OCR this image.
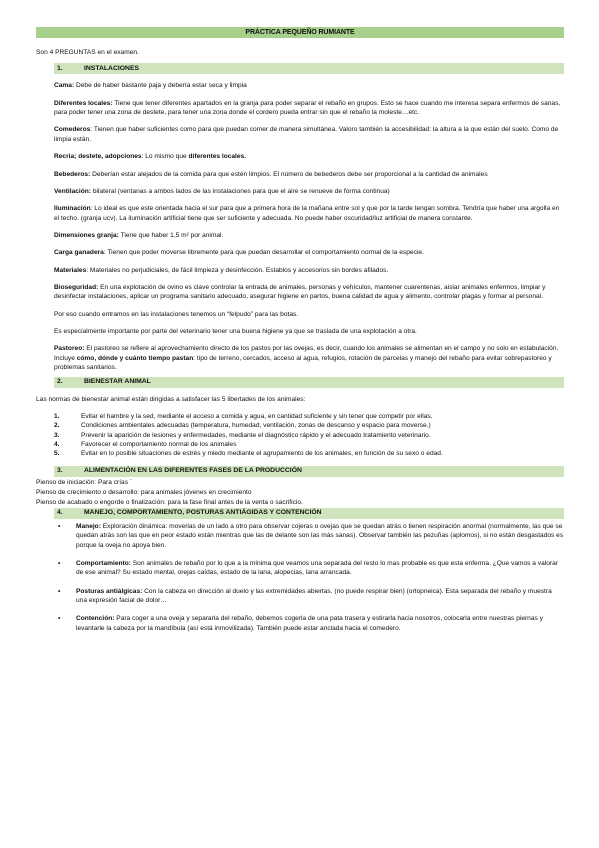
PRÁCTICA PEQUEÑO RUMIANTE

Son 4 PREGUNTAS en el examen.

1.	INSTALACIONES

Cama: Debe de haber bastante paja y debería estar seca y limpia

Diferentes locales: Tiene que tener diferentes apartados en la granja para poder separar el rebaño en grupos. Esto se hace cuando me interesa separa enfermos de sanas, para poder tener una zona de destete, para tener una zona donde el cordero pueda entrar sin que el rebaño la moleste…etc.

Comederos: Tienen que haber suficientes como para que puedan comer de manera simultánea. Valoro también la accesibilidad: la altura a la que están del suelo. Como de limpia están.

Recría; destete, adopciones: Lo mismo que diferentes locales.

Bebederos: Deberían estar alejados de la comida para que estén limpios. El número de bebederos debe ser proporcional a la cantidad de animales

Ventilación: bilateral (ventanas a ambos lados de las instalaciones para que el aire se renueve de forma continua)

Iluminación: Lo ideal es que este orientada hacia el sur para que a primera hora de la mañana entre sol y que por la tarde tengan sombra. Tendría que haber una argolla en el techo. (granja ucv). La iluminación artificial tiene que ser suficiente y adecuada. No puede haber oscuridad/luz artificial de manera constante.

Dimensiones granja: Tiene que haber 1,5 m² por animal.

Carga ganadera: Tienen que poder moverse libremente para que puedan desarrollar el comportamiento normal de la especie.

Materiales: Materiales no perjudiciales, de fácil limpieza y desinfección. Establos y accesorios sin bordes afilados.

Bioseguridad: En una explotación de ovino es clave controlar la entrada de animales, personas y vehículos, mantener cuarentenas, aislar animales enfermos, limpiar y desinfectar instalaciones, aplicar un programa sanitario adecuado, asegurar higiene en partos, buena calidad de agua y alimento, controlar plagas y formar al personal.

Por eso cuando entramos en las instalaciones tenemos un “felpudo” para las botas.

Es especialmente importante por parte del veterinario tener una buena higiene ya que se traslada de una explotación a otra.

Pastoreo: El pastoreo se refiere al aprovechamiento directo de los pastos por las ovejas, es decir, cuando los animales se alimentan en el campo y no solo en estabulación. Incluye cómo, dónde y cuánto tiempo pastan: tipo de terreno, cercados, acceso al agua, refugios, rotación de parcelas y manejo del rebaño para evitar sobrepastoreo y problemas sanitarios.

2.	BIENESTAR ANIMAL

Las normas de bienestar animal están dirigidas a satisfacer las 5 libertades de los animales:

1.	Evitar el hambre y la sed, mediante el acceso a comida y agua, en cantidad suficiente y sin tener que competir por ellas.
2.	Condiciones ambientales adecuadas (temperatura, humedad, ventilación, zonas de descanso y espacio para moverse.)
3.	Prevenir la aparición de lesiones y enfermedades, mediante el diagnóstico rápido y el adecuado tratamiento veterinario.
4.	Favorecer el comportamiento normal de los animales
5.	Evitar en lo posible situaciones de estrés y miedo mediante el agrupamiento de los animales, en función de su sexo o edad.
3.	ALIMENTACIÓN EN LAS DIFERENTES FASES DE LA PRODUCCIÓN

Pienso de iniciación: Para crías `

Pienso de crecimiento o desarrollo: para animales jóvenes en crecimiento

Pienso de acabado o engorde o finalización: para la fase final antes de la venta o sacrificio.

4.	MANEJO, COMPORTAMIENTO, POSTURAS ANTIÁGIDAS Y CONTENCIÓN
• Manejo: Exploración dinámica: moverlas de un lado a otro para observar cojeras o ovejas que se quedan atrás o tienen respiración anormal (normalmente, las que se quedan atrás son las que en peor estado están mientras que las de delante son las más sanas). Observar también las pezuñas (aplomos), si no están desgastados es porque la oveja no apoya bien.
• Comportamiento: Son animales de rebaño por lo que a la mínima que veamos una separada del resto lo mas probable es que esta enferma. ¿Que vamos a valorar de ese animal? Su estado mental, orejas caídas, estado de la lana, alopecias, lana arrancada.
• Posturas antiálgicas: Con la cabeza en dirección al duelo y las extremidades abiertas. (no puede respirar bien) (ortopneica). Esta separada del rebaño y muestra una expresión facial de dolor…
• Contención: Para coger a una oveja y separarla del rebaño, debemos cogerla de una pata trasera y estirarla hacia nosotros, colocarla entre nuestras piernas y levantarle la cabeza por la mandíbula (así está inmovilizada). También puede estar anclada hacia el comedero.
